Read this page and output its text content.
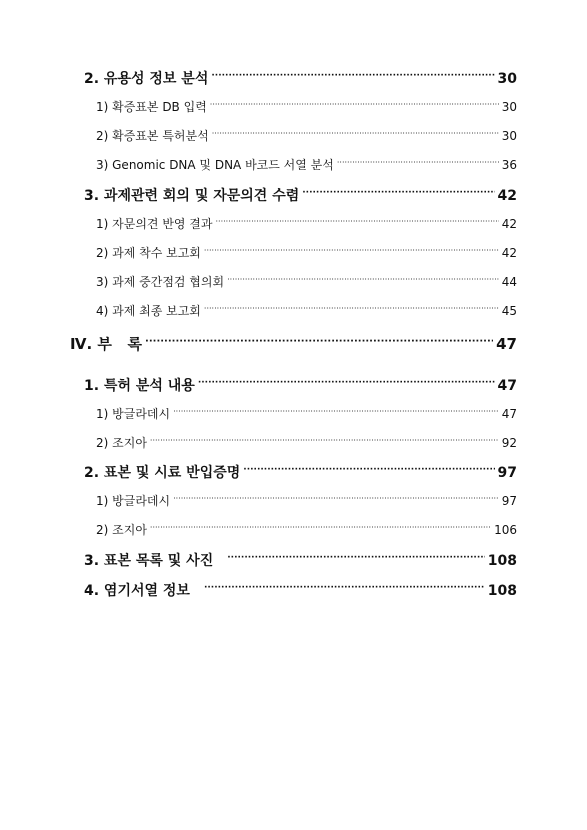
2. 유용성 정보 분석 ·····	30
1) 확증표본 DB 입력 ·····	30
2) 확증표본 특허분석 ·····	30
3) Genomic DNA 및 DNA 바코드 서열 분석 ·····	36
3. 과제관련 회의 및 자문의견 수렴 ·····	42
1) 자문의견 반영 결과 ·····	42
2) 과제 착수 보고회 ·····	42
3) 과제 중간점검 협의회 ·····	44
4) 과제 최종 보고회 ·····	45
Ⅳ. 부   록 ·····	47
1. 특허 분석 내용 ·····	47
1) 방글라데시 ·····	47
2) 조지아 ·····	92
2. 표본 및 시료 반입증명 ·····	97
1) 방글라데시 ·····	97
2) 조지아 ·····	106
3. 표본 목록 및 사진 ·····	108
4. 염기서열 정보 ·····	108
